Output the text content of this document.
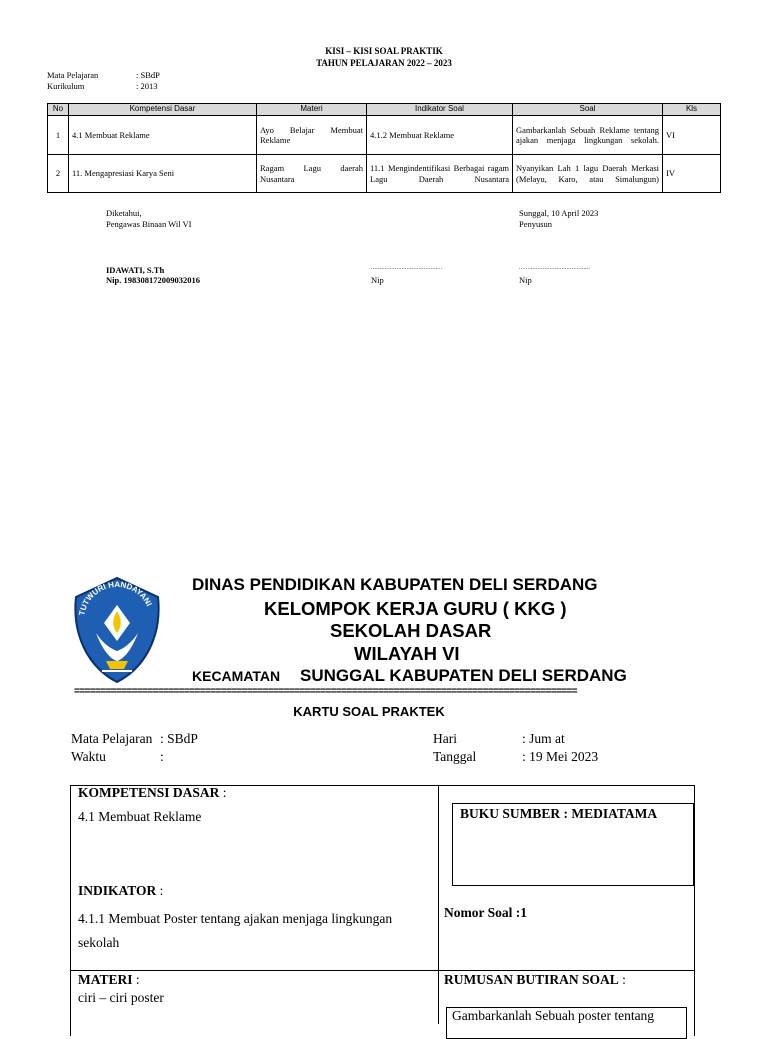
KISI – KISI SOAL PRAKTIK
TAHUN PELAJARAN 2022 – 2023
Mata Pelajaran	: SBdP
Kurikulum	: 2013
No	Kompetensi Dasar	Materi	Indikator Soal	Soal	Kls
1	4.1 Membuat Reklame	Ayo Belajar Membuat Reklame	4.1.2 Membuat Reklame	Gambarkanlah Sebuah Reklame tentang ajakan menjaga lingkungan sekolah.	VI
2	11. Mengapresiasi Karya Seni	Ragam Lagu daerah Nusantara	11.1 Mengindentifikasi Berbagai ragam Lagu Daerah Nusantara	Nyanyikan Lah 1 lagu Daerah Merkasi (Melayu, Karo, atau Simalungun)	IV
Diketahui,
Pengawas Binaan Wil VI
Sunggal, 10 April 2023
Penyusun
IDAWATI, S.Th
Nip. 198308172009032016
..........................................
Nip
..........................................
Nip
TUTWURI HANDAYANI
DINAS PENDIDIKAN KABUPATEN DELI SERDANG
KELOMPOK KERJA GURU ( KKG )
SEKOLAH DASAR
WILAYAH VI
KECAMATAN SUNGGAL KABUPATEN DELI SERDANG
================================================================================================
KARTU SOAL PRAKTEK
Mata Pelajaran : SBdP
Waktu	:
Hari	: Jum at
Tanggal	: 19 Mei 2023
KOMPETENSI DASAR :
4.1 Membuat Reklame
INDIKATOR :
4.1.1 Membuat Poster tentang ajakan menjaga lingkungan sekolah
MATERI :
ciri – ciri poster
BUKU SUMBER : MEDIATAMA
Nomor Soal :1
RUMUSAN BUTIRAN SOAL :
Gambarkanlah Sebuah poster tentang
